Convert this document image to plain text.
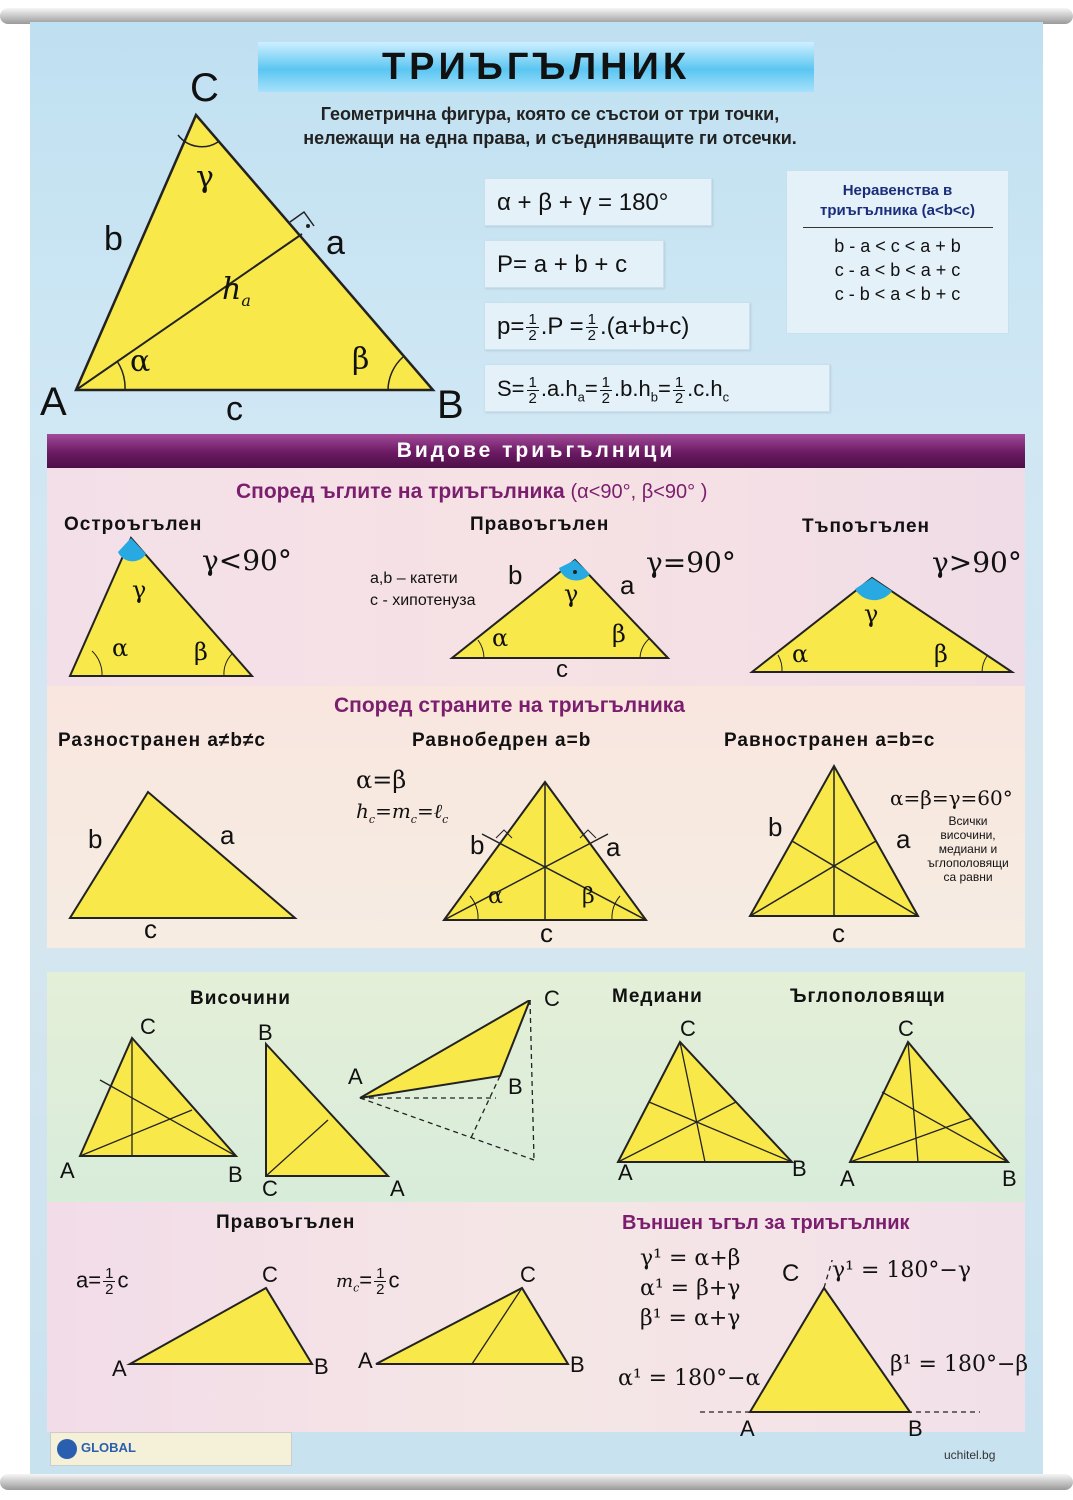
ТРИЪГЪЛНИК
Геометрична фигура, която се състои от три точки,
нележащи на една права, и съединяващите ги отсечки.
C
A	B
b	a
c
α	β
γ
$h_a$
α + β + γ = 180°
P= a + b + c
$p= \frac{1}{2} .P = \frac{1}{2} .(a+b+c)$
$S= \frac{1}{2} .a.h_a= \frac{1}{2} .b.h_b= \frac{1}{2} .c.h_c$
Неравенства в
триъгълника (a<b<c)
b - a < c < a + b
c - a < b < a + c
c - b < a < b + c
Видове триъгълници
Според ъглите на триъгълника (α<90°, β<90° )
Остроъгълен	Правоъгълен	Тъпоъгълен
γ<90°	γ=90°	γ>90°
a,b – катети
c - хипотенуза
γ
α	β
b	a
c
γ
α	β
γ
α	β
Според страните на триъгълника
Разностранен a≠b≠c	Равнобедрен a=b	Равностранен a=b=c
b	a
c
b	a
c
α	β
b	a
c
α=β
$h_c=m_c=\ell_c$
α=β=γ=60°
Всички
височини,
медиани и
ъглополовящи
са равни
Височини	Медиани	Ъглополовящи
C
A	B
B
C	A
C
A	B
C
A	B
C
A	B
Правоъгълен	Външен ъгъл за триъгълник
$a= \frac{1}{2}$ c	$m_c= \frac{1}{2}$ c
C
A	B
C
A	B
γ¹ = α+β
α¹ = β+γ
β¹ = α+γ
γ¹ = 180°−γ
α¹ = 180°−α
β¹ = 180°−β
C
A	B
GLOBAL	uchitel.bg
